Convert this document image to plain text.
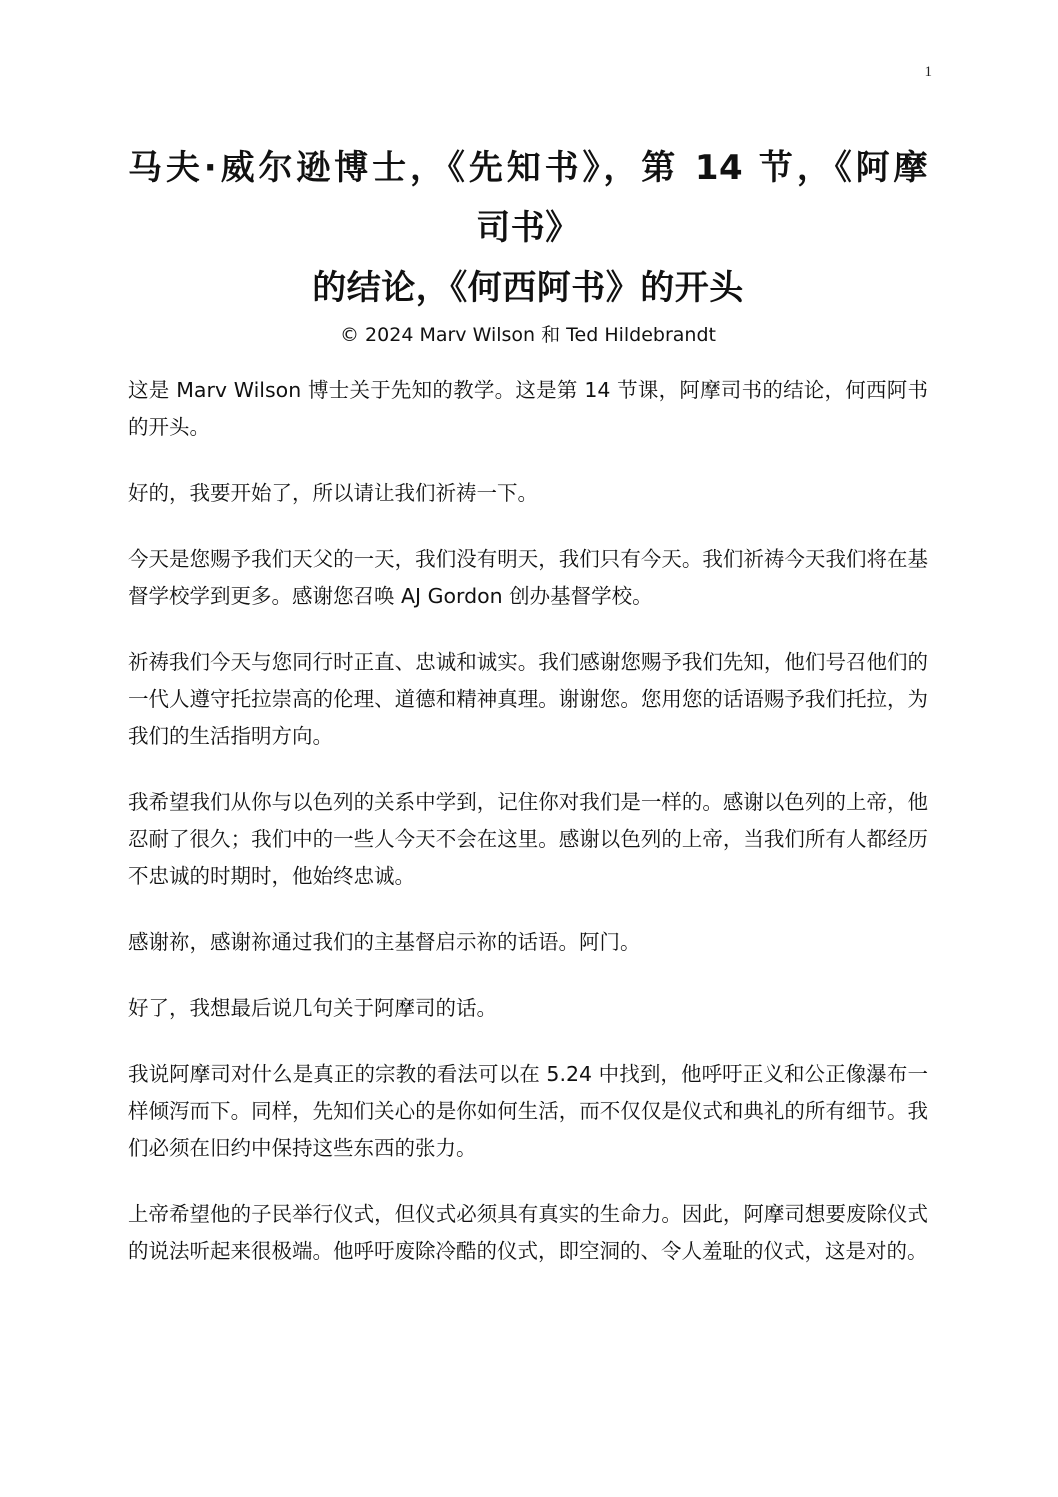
1

马夫·威尔逊博士，《先知书》，第 14 节，《阿摩

司书》

的结论，《何西阿书》的开头

© 2024 Marv Wilson 和 Ted Hildebrandt

这是 Marv Wilson 博士关于先知的教学。这是第 14 节课，阿摩司书的结论，何西阿书的开头。

好的，我要开始了，所以请让我们祈祷一下。

今天是您赐予我们天父的一天，我们没有明天，我们只有今天。我们祈祷今天我们将在基督学校学到更多。感谢您召唤 AJ Gordon 创办基督学校。

祈祷我们今天与您同行时正直、忠诚和诚实。我们感谢您赐予我们先知，他们号召他们的一代人遵守托拉崇高的伦理、道德和精神真理。谢谢您。您用您的话语赐予我们托拉，为我们的生活指明方向。

我希望我们从你与以色列的关系中学到，记住你对我们是一样的。感谢以色列的上帝，他忍耐了很久；我们中的一些人今天不会在这里。感谢以色列的上帝，当我们所有人都经历不忠诚的时期时，他始终忠诚。

感谢祢，感谢祢通过我们的主基督启示祢的话语。阿门。

好了，我想最后说几句关于阿摩司的话。

我说阿摩司对什么是真正的宗教的看法可以在 5.24 中找到，他呼吁正义和公正像瀑布一样倾泻而下。同样，先知们关心的是你如何生活，而不仅仅是仪式和典礼的所有细节。我们必须在旧约中保持这些东西的张力。

上帝希望他的子民举行仪式，但仪式必须具有真实的生命力。因此，阿摩司想要废除仪式的说法听起来很极端。他呼吁废除冷酷的仪式，即空洞的、令人羞耻的仪式，这是对的。
